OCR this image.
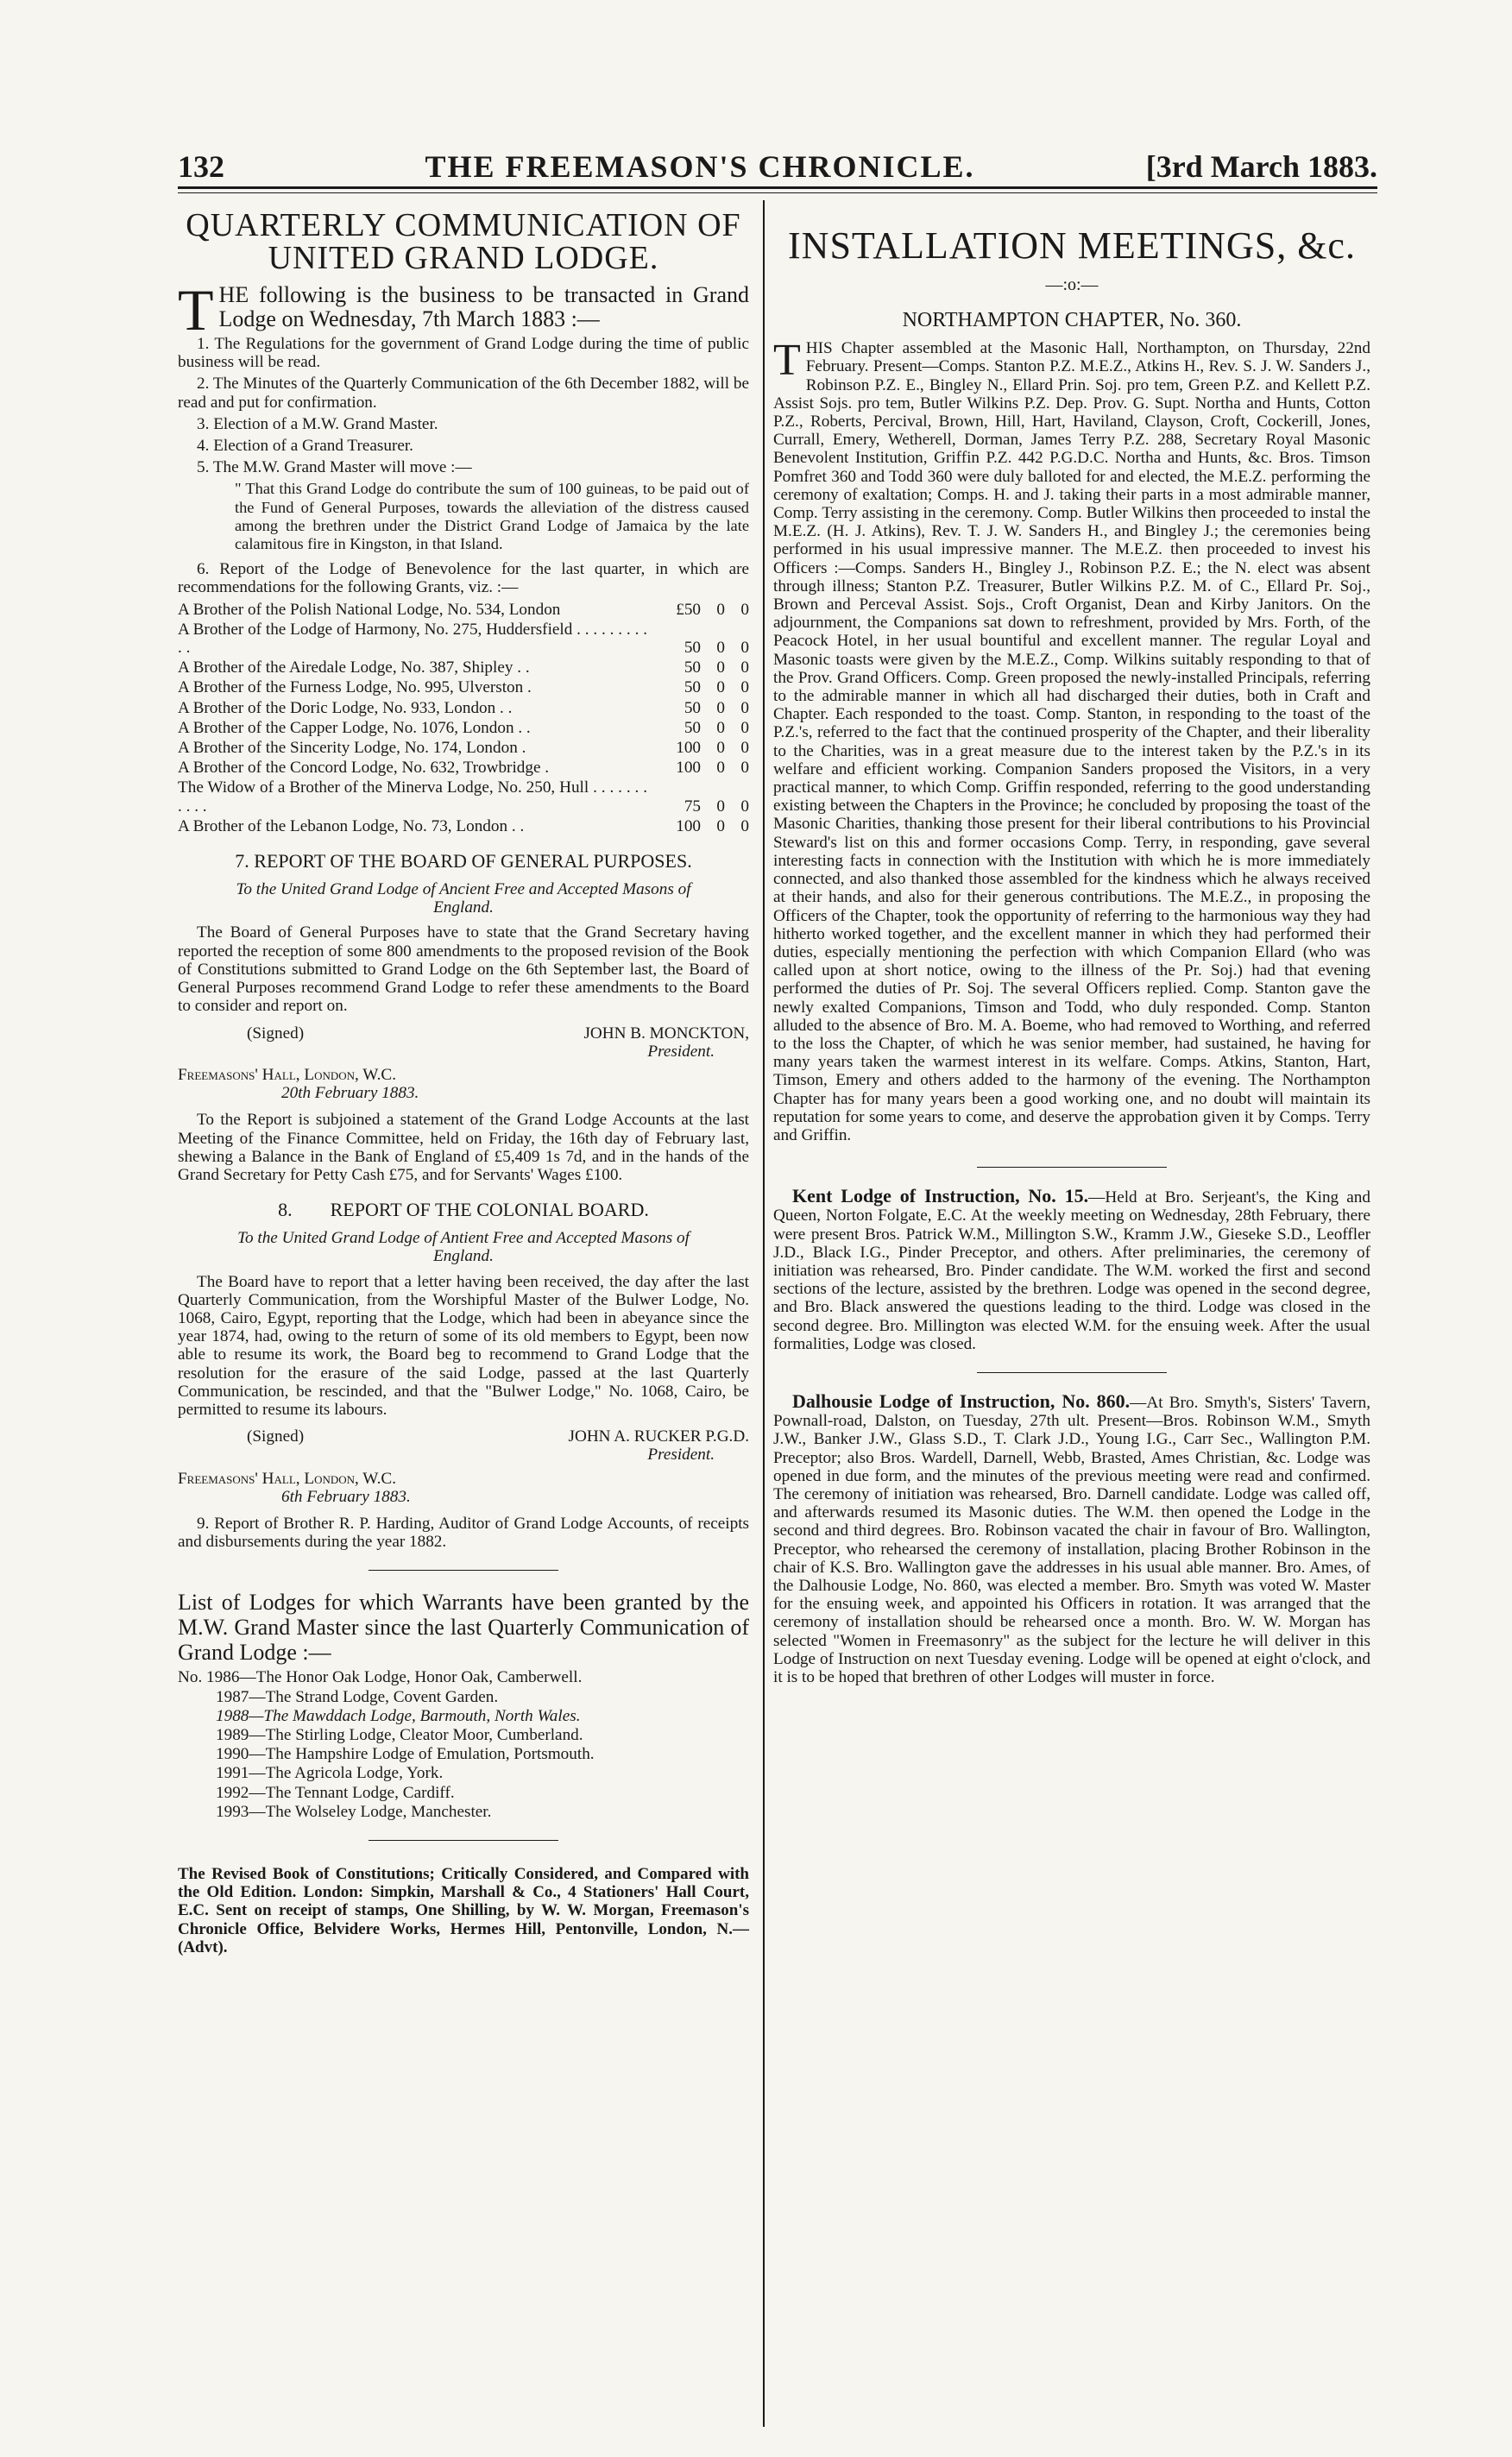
132	THE FREEMASON'S CHRONICLE.	[3rd March 1883.
QUARTERLY COMMUNICATION OF UNITED GRAND LODGE.

THE following is the business to be transacted in Grand Lodge on Wednesday, 7th March 1883 :—

1. The Regulations for the government of Grand Lodge during the time of public business will be read.

2. The Minutes of the Quarterly Communication of the 6th December 1882, will be read and put for confirmation.

3. Election of a M.W. Grand Master.

4. Election of a Grand Treasurer.

5. The M.W. Grand Master will move :—

" That this Grand Lodge do contribute the sum of 100 guineas, to be paid out of the Fund of General Purposes, towards the alleviation of the distress caused among the brethren under the District Grand Lodge of Jamaica by the late calamitous fire in Kingston, in that Island.

6. Report of the Lodge of Benevolence for the last quarter, in which are recommendations for the following Grants, viz. :—

A Brother of the Polish National Lodge, No. 534, London	£50 0 0
A Brother of the Lodge of Harmony, No. 275, Huddersfield . . . . . . . . . . .	50 0 0
A Brother of the Airedale Lodge, No. 387, Shipley . .	50 0 0
A Brother of the Furness Lodge, No. 995, Ulverston .	50 0 0
A Brother of the Doric Lodge, No. 933, London . .	50 0 0
A Brother of the Capper Lodge, No. 1076, London . .	50 0 0
A Brother of the Sincerity Lodge, No. 174, London .	100 0 0
A Brother of the Concord Lodge, No. 632, Trowbridge .	100 0 0
The Widow of a Brother of the Minerva Lodge, No. 250, Hull . . . . . . . . . . .	75 0 0
A Brother of the Lebanon Lodge, No. 73, London . .	100 0 0
7. REPORT OF THE BOARD OF GENERAL PURPOSES.

To the United Grand Lodge of Ancient Free and Accepted Masons of England.

The Board of General Purposes have to state that the Grand Secretary having reported the reception of some 800 amendments to the proposed revision of the Book of Constitutions submitted to Grand Lodge on the 6th September last, the Board of General Purposes recommend Grand Lodge to refer these amendments to the Board to consider and report on.

(Signed)	JOHN B. MONCKTON,

President.

Freemasons' Hall, London, W.C.

20th February 1883.

To the Report is subjoined a statement of the Grand Lodge Accounts at the last Meeting of the Finance Committee, held on Friday, the 16th day of February last, shewing a Balance in the Bank of England of £5,409 1s 7d, and in the hands of the Grand Secretary for Petty Cash £75, and for Servants' Wages £100.

8.        REPORT OF THE COLONIAL BOARD.

To the United Grand Lodge of Antient Free and Accepted Masons of England.

The Board have to report that a letter having been received, the day after the last Quarterly Communication, from the Worshipful Master of the Bulwer Lodge, No. 1068, Cairo, Egypt, reporting that the Lodge, which had been in abeyance since the year 1874, had, owing to the return of some of its old members to Egypt, been now able to resume its work, the Board beg to recommend to Grand Lodge that the resolution for the erasure of the said Lodge, passed at the last Quarterly Communication, be rescinded, and that the "Bulwer Lodge," No. 1068, Cairo, be permitted to resume its labours.

(Signed)	JOHN A. RUCKER P.G.D.

President.

Freemasons' Hall, London, W.C.

6th February 1883.

9. Report of Brother R. P. Harding, Auditor of Grand Lodge Accounts, of receipts and disbursements during the year 1882.

List of Lodges for which Warrants have been granted by the M.W. Grand Master since the last Quarterly Communication of Grand Lodge :—

No. 1986—The Honor Oak Lodge, Honor Oak, Camberwell.
1987—The Strand Lodge, Covent Garden.
1988—The Mawddach Lodge, Barmouth, North Wales.
1989—The Stirling Lodge, Cleator Moor, Cumberland.
1990—The Hampshire Lodge of Emulation, Portsmouth.
1991—The Agricola Lodge, York.
1992—The Tennant Lodge, Cardiff.
1993—The Wolseley Lodge, Manchester.

The Revised Book of Constitutions; Critically Considered, and Compared with the Old Edition. London: Simpkin, Marshall & Co., 4 Stationers' Hall Court, E.C. Sent on receipt of stamps, One Shilling, by W. W. Morgan, Freemason's Chronicle Office, Belvidere Works, Hermes Hill, Pentonville, London, N.—(Advt).

INSTALLATION MEETINGS, &c.

—:o:—

NORTHAMPTON CHAPTER, No. 360.

THIS Chapter assembled at the Masonic Hall, Northampton, on Thursday, 22nd February. Present—Comps. Stanton P.Z. M.E.Z., Atkins H., Rev. S. J. W. Sanders J., Robinson P.Z. E., Bingley N., Ellard Prin. Soj. pro tem, Green P.Z. and Kellett P.Z. Assist Sojs. pro tem, Butler Wilkins P.Z. Dep. Prov. G. Supt. Northa and Hunts, Cotton P.Z., Roberts, Percival, Brown, Hill, Hart, Haviland, Clayson, Croft, Cockerill, Jones, Currall, Emery, Wetherell, Dorman, James Terry P.Z. 288, Secretary Royal Masonic Benevolent Institution, Griffin P.Z. 442 P.G.D.C. Northa and Hunts, &c. Bros. Timson Pomfret 360 and Todd 360 were duly balloted for and elected, the M.E.Z. performing the ceremony of exaltation; Comps. H. and J. taking their parts in a most admirable manner, Comp. Terry assisting in the ceremony. Comp. Butler Wilkins then proceeded to instal the M.E.Z. (H. J. Atkins), Rev. T. J. W. Sanders H., and Bingley J.; the ceremonies being performed in his usual impressive manner. The M.E.Z. then proceeded to invest his Officers :—Comps. Sanders H., Bingley J., Robinson P.Z. E.; the N. elect was absent through illness; Stanton P.Z. Treasurer, Butler Wilkins P.Z. M. of C., Ellard Pr. Soj., Brown and Perceval Assist. Sojs., Croft Organist, Dean and Kirby Janitors. On the adjournment, the Companions sat down to refreshment, provided by Mrs. Forth, of the Peacock Hotel, in her usual bountiful and excellent manner. The regular Loyal and Masonic toasts were given by the M.E.Z., Comp. Wilkins suitably responding to that of the Prov. Grand Officers. Comp. Green proposed the newly-installed Principals, referring to the admirable manner in which all had discharged their duties, both in Craft and Chapter. Each responded to the toast. Comp. Stanton, in responding to the toast of the P.Z.'s, referred to the fact that the continued prosperity of the Chapter, and their liberality to the Charities, was in a great measure due to the interest taken by the P.Z.'s in its welfare and efficient working. Companion Sanders proposed the Visitors, in a very practical manner, to which Comp. Griffin responded, referring to the good understanding existing between the Chapters in the Province; he concluded by proposing the toast of the Masonic Charities, thanking those present for their liberal contributions to his Provincial Steward's list on this and former occasions Comp. Terry, in responding, gave several interesting facts in connection with the Institution with which he is more immediately connected, and also thanked those assembled for the kindness which he always received at their hands, and also for their generous contributions. The M.E.Z., in proposing the Officers of the Chapter, took the opportunity of referring to the harmonious way they had hitherto worked together, and the excellent manner in which they had performed their duties, especially mentioning the perfection with which Companion Ellard (who was called upon at short notice, owing to the illness of the Pr. Soj.) had that evening performed the duties of Pr. Soj. The several Officers replied. Comp. Stanton gave the newly exalted Companions, Timson and Todd, who duly responded. Comp. Stanton alluded to the absence of Bro. M. A. Boeme, who had removed to Worthing, and referred to the loss the Chapter, of which he was senior member, had sustained, he having for many years taken the warmest interest in its welfare. Comps. Atkins, Stanton, Hart, Timson, Emery and others added to the harmony of the evening. The Northampton Chapter has for many years been a good working one, and no doubt will maintain its reputation for some years to come, and deserve the approbation given it by Comps. Terry and Griffin.

Kent Lodge of Instruction, No. 15.—Held at Bro. Serjeant's, the King and Queen, Norton Folgate, E.C. At the weekly meeting on Wednesday, 28th February, there were present Bros. Patrick W.M., Millington S.W., Kramm J.W., Gieseke S.D., Leoffler J.D., Black I.G., Pinder Preceptor, and others. After preliminaries, the ceremony of initiation was rehearsed, Bro. Pinder candidate. The W.M. worked the first and second sections of the lecture, assisted by the brethren. Lodge was opened in the second degree, and Bro. Black answered the questions leading to the third. Lodge was closed in the second degree. Bro. Millington was elected W.M. for the ensuing week. After the usual formalities, Lodge was closed.

Dalhousie Lodge of Instruction, No. 860.—At Bro. Smyth's, Sisters' Tavern, Pownall-road, Dalston, on Tuesday, 27th ult. Present—Bros. Robinson W.M., Smyth J.W., Banker J.W., Glass S.D., T. Clark J.D., Young I.G., Carr Sec., Wallington P.M. Preceptor; also Bros. Wardell, Darnell, Webb, Brasted, Ames Christian, &c. Lodge was opened in due form, and the minutes of the previous meeting were read and confirmed. The ceremony of initiation was rehearsed, Bro. Darnell candidate. Lodge was called off, and afterwards resumed its Masonic duties. The W.M. then opened the Lodge in the second and third degrees. Bro. Robinson vacated the chair in favour of Bro. Wallington, Preceptor, who rehearsed the ceremony of installation, placing Brother Robinson in the chair of K.S. Bro. Wallington gave the addresses in his usual able manner. Bro. Ames, of the Dalhousie Lodge, No. 860, was elected a member. Bro. Smyth was voted W. Master for the ensuing week, and appointed his Officers in rotation. It was arranged that the ceremony of installation should be rehearsed once a month. Bro. W. W. Morgan has selected "Women in Freemasonry" as the subject for the lecture he will deliver in this Lodge of Instruction on next Tuesday evening. Lodge will be opened at eight o'clock, and it is to be hoped that brethren of other Lodges will muster in force.
